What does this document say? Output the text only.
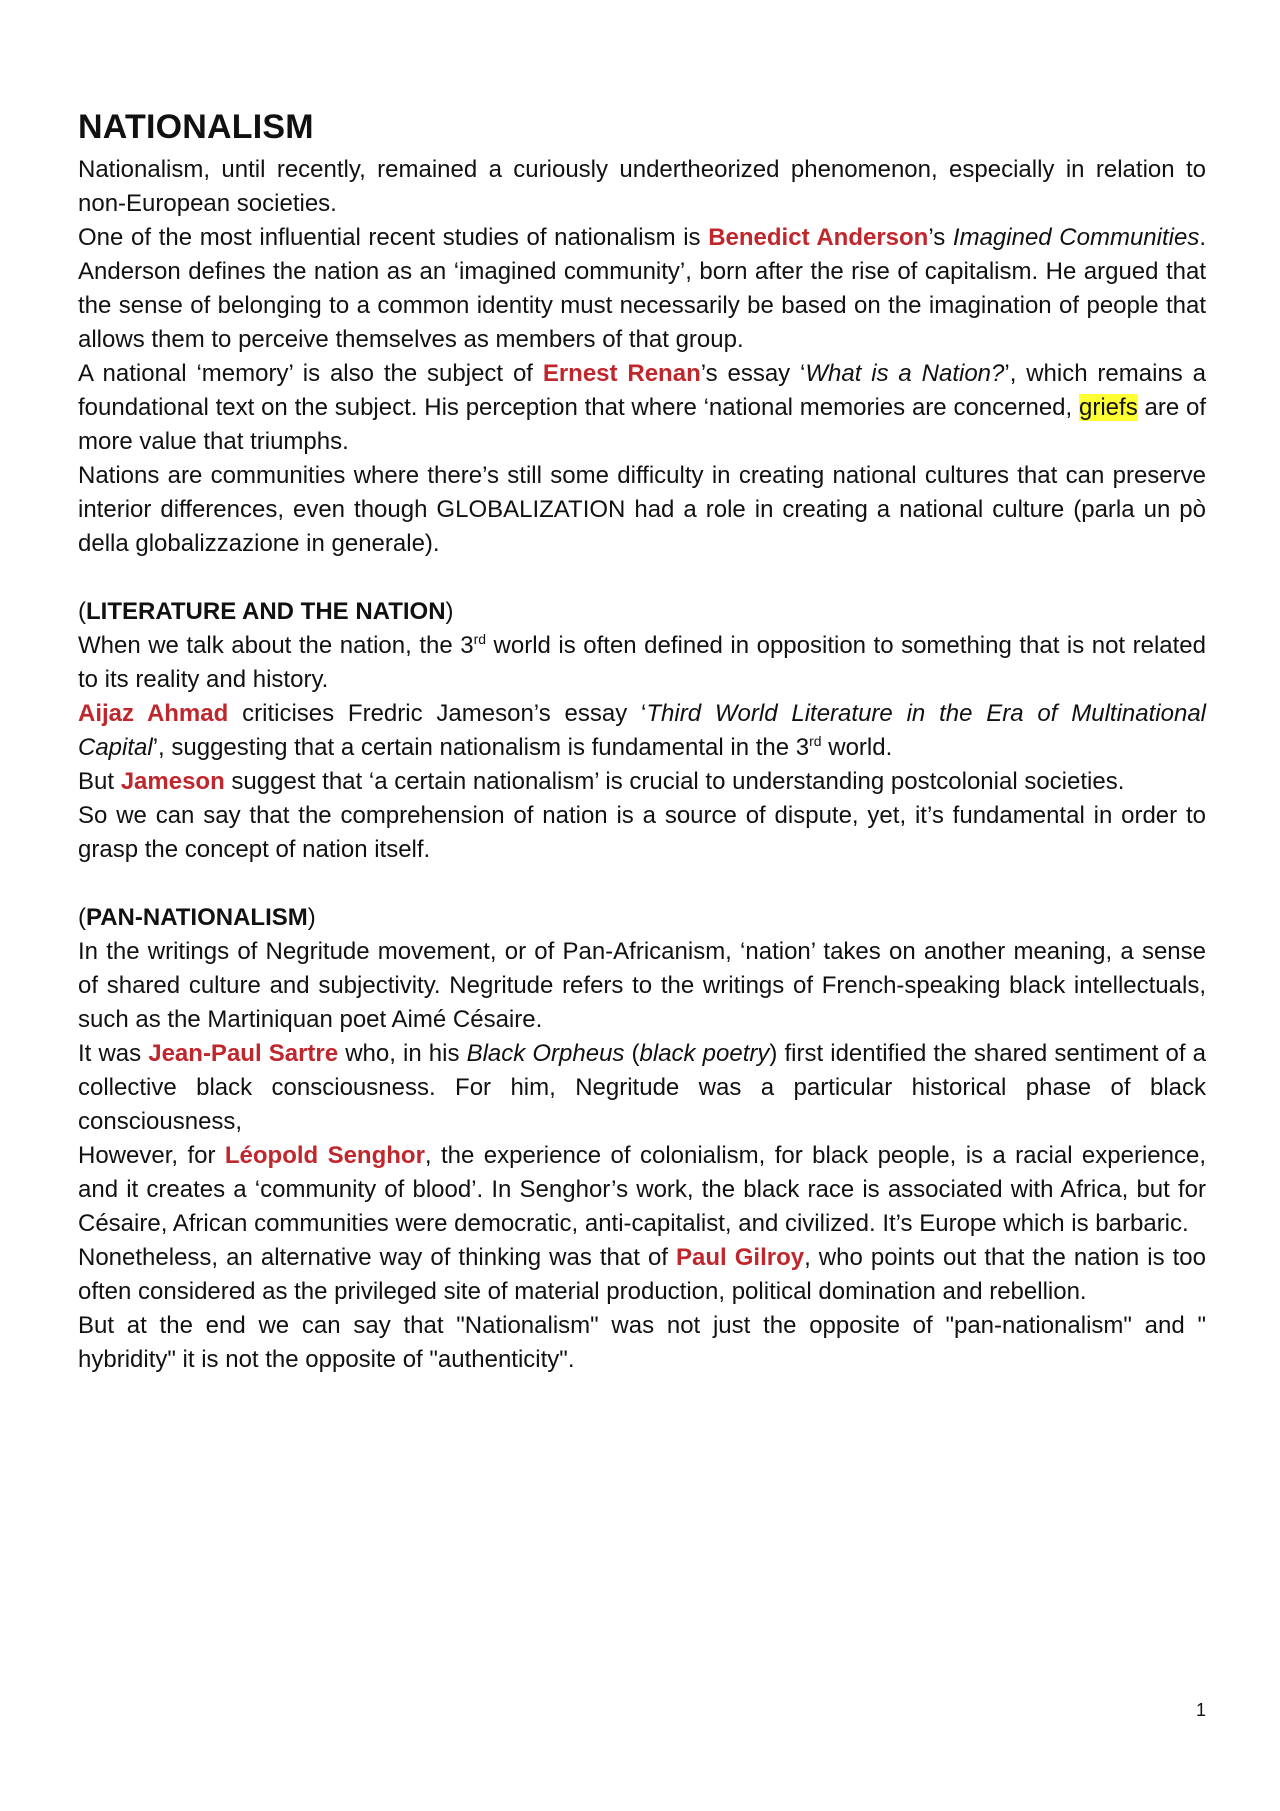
NATIONALISM

Nationalism, until recently, remained a curiously undertheorized phenomenon, especially in relation to non-European societies.

One of the most influential recent studies of nationalism is Benedict Anderson’s Imagined Communities. Anderson defines the nation as an ‘imagined community’, born after the rise of capitalism. He argued that the sense of belonging to a common identity must necessarily be based on the imagination of people that allows them to perceive themselves as members of that group.

A national ‘memory’ is also the subject of Ernest Renan’s essay ‘What is a Nation?’, which remains a foundational text on the subject. His perception that where ‘national memories are concerned, griefs are of more value that triumphs.

Nations are communities where there’s still some difficulty in creating national cultures that can preserve interior differences, even though GLOBALIZATION had a role in creating a national culture (parla un pò della globalizzazione in generale).

(LITERATURE AND THE NATION)

When we talk about the nation, the 3rd world is often defined in opposition to something that is not related to its reality and history.

Aijaz Ahmad criticises Fredric Jameson’s essay ‘Third World Literature in the Era of Multinational Capital’, suggesting that a certain nationalism is fundamental in the 3rd world.

But Jameson suggest that ‘a certain nationalism’ is crucial to understanding postcolonial societies.

So we can say that the comprehension of nation is a source of dispute, yet, it’s fundamental in order to grasp the concept of nation itself.

(PAN-NATIONALISM)

In the writings of Negritude movement, or of Pan-Africanism, ‘nation’ takes on another meaning, a sense of shared culture and subjectivity. Negritude refers to the writings of French-speaking black intellectuals, such as the Martiniquan poet Aimé Césaire.

It was Jean-Paul Sartre who, in his Black Orpheus (black poetry) first identified the shared sentiment of a collective black consciousness. For him, Negritude was a particular historical phase of black consciousness,

However, for Léopold Senghor, the experience of colonialism, for black people, is a racial experience, and it creates a ‘community of blood’. In Senghor’s work, the black race is associated with Africa, but for Césaire, African communities were democratic, anti-capitalist, and civilized. It’s Europe which is barbaric.

Nonetheless, an alternative way of thinking was that of Paul Gilroy, who points out that the nation is too often considered as the privileged site of material production, political domination and rebellion.

But at the end we can say that "Nationalism" was not just the opposite of "pan-nationalism" and " hybridity" it is not the opposite of "authenticity".

1
